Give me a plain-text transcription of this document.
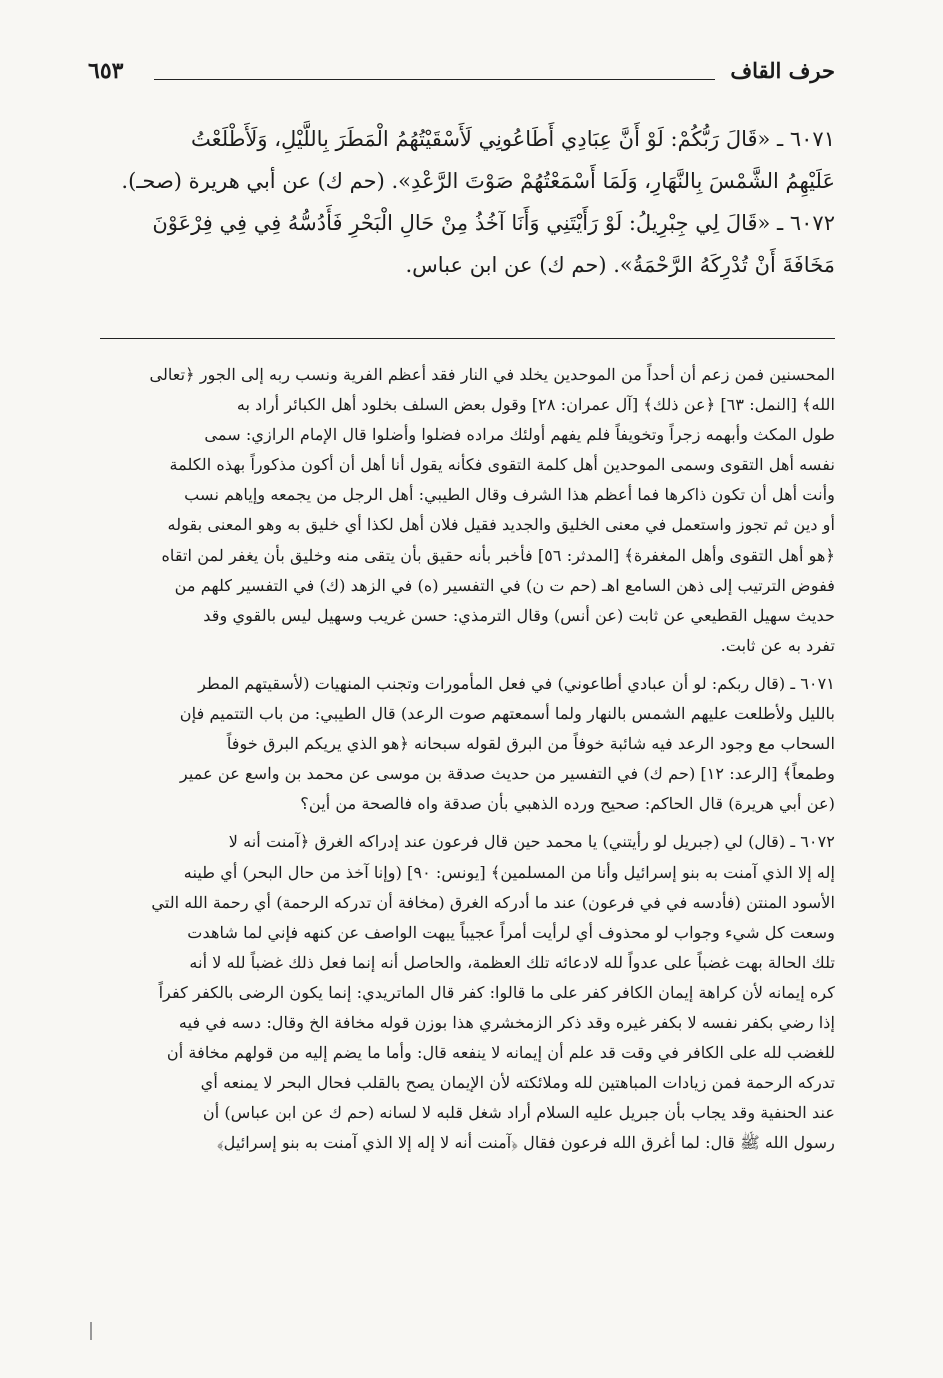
حرف القاف
٦٥٣
٦٠٧١ ـ «قَالَ رَبُّكُمْ: لَوْ أَنَّ عِبَادِي أَطَاعُونِي لَأَسْقَيْتُهُمُ الْمَطَرَ بِاللَّيْلِ، وَلَأَطْلَعْتُ
عَلَيْهِمُ الشَّمْسَ بِالنَّهَارِ، وَلَمَا أَسْمَعْتُهُمْ صَوْتَ الرَّعْدِ». (حم ك) عن أبي هريرة (صحـ).
٦٠٧٢ ـ «قَالَ لِي جِبْرِيلُ: لَوْ رَأَيْتَنِي وَأَنَا آخُذُ مِنْ حَالِ الْبَحْرِ فَأَدُسُّهُ فِي فِي فِرْعَوْنَ
مَخَافَةَ أَنْ تُدْرِكَهُ الرَّحْمَةُ». (حم ك) عن ابن عباس.
المحسنين فمن زعم أن أحداً من الموحدين يخلد في النار فقد أعظم الفرية ونسب ربه إلى الجور ﴿تعالى
الله﴾ [النمل: ٦٣] ﴿عن ذلك﴾ [آل عمران: ٢٨] وقول بعض السلف بخلود أهل الكبائر أراد به
طول المكث وأبهمه زجراً وتخويفاً فلم يفهم أولئك مراده فضلوا وأضلوا قال الإمام الرازي: سمى
نفسه أهل التقوى وسمى الموحدين أهل كلمة التقوى فكأنه يقول أنا أهل أن أكون مذكوراً بهذه الكلمة
وأنت أهل أن تكون ذاكرها فما أعظم هذا الشرف وقال الطيبي: أهل الرجل من يجمعه وإياهم نسب
أو دين ثم تجوز واستعمل في معنى الخليق والجديد فقيل فلان أهل لكذا أي خليق به وهو المعنى بقوله
﴿هو أهل التقوى وأهل المغفرة﴾ [المدثر: ٥٦] فأخبر بأنه حقيق بأن يتقى منه وخليق بأن يغفر لمن اتقاه
ففوض الترتيب إلى ذهن السامع اهـ (حم ت ن) في التفسير (ه) في الزهد (ك) في التفسير كلهم من
حديث سهيل القطيعي عن ثابت (عن أنس) وقال الترمذي: حسن غريب وسهيل ليس بالقوي وقد
تفرد به عن ثابت.
٦٠٧١ ـ (قال ربكم: لو أن عبادي أطاعوني) في فعل المأمورات وتجنب المنهيات (لأسقيتهم المطر
بالليل ولأطلعت عليهم الشمس بالنهار ولما أسمعتهم صوت الرعد) قال الطيبي: من باب التتميم فإن
السحاب مع وجود الرعد فيه شائبة خوفاً من البرق لقوله سبحانه ﴿هو الذي يريكم البرق خوفاً
وطمعاً﴾ [الرعد: ١٢] (حم ك) في التفسير من حديث صدقة بن موسى عن محمد بن واسع عن عمير
(عن أبي هريرة) قال الحاكم: صحيح ورده الذهبي بأن صدقة واه فالصحة من أين؟
٦٠٧٢ ـ (قال) لي (جبريل لو رأيتني) يا محمد حين قال فرعون عند إدراكه الغرق ﴿آمنت أنه لا
إله إلا الذي آمنت به بنو إسرائيل وأنا من المسلمين﴾ [يونس: ٩٠] (وإنا آخذ من حال البحر) أي طينه
الأسود المنتن (فأدسه في في فرعون) عند ما أدركه الغرق (مخافة أن تدركه الرحمة) أي رحمة الله التي
وسعت كل شيء وجواب لو محذوف أي لرأيت أمراً عجيباً يبهت الواصف عن كنهه فإني لما شاهدت
تلك الحالة بهت غضباً على عدواً لله لادعائه تلك العظمة، والحاصل أنه إنما فعل ذلك غضباً لله لا أنه
كره إيمانه لأن كراهة إيمان الكافر كفر على ما قالوا: كفر قال الماتريدي: إنما يكون الرضى بالكفر كفراً
إذا رضي بكفر نفسه لا بكفر غيره وقد ذكر الزمخشري هذا بوزن قوله مخافة الخ وقال: دسه في فيه
للغضب لله على الكافر في وقت قد علم أن إيمانه لا ينفعه قال: وأما ما يضم إليه من قولهم مخافة أن
تدركه الرحمة فمن زيادات المباهتين لله وملائكته لأن الإيمان يصح بالقلب فحال البحر لا يمنعه أي
عند الحنفية وقد يجاب بأن جبريل عليه السلام أراد شغل قلبه لا لسانه (حم ك عن ابن عباس) أن
رسول الله ﷺ قال: لما أغرق الله فرعون فقال ﴿آمنت أنه لا إله إلا الذي آمنت به بنو إسرائيل﴾
